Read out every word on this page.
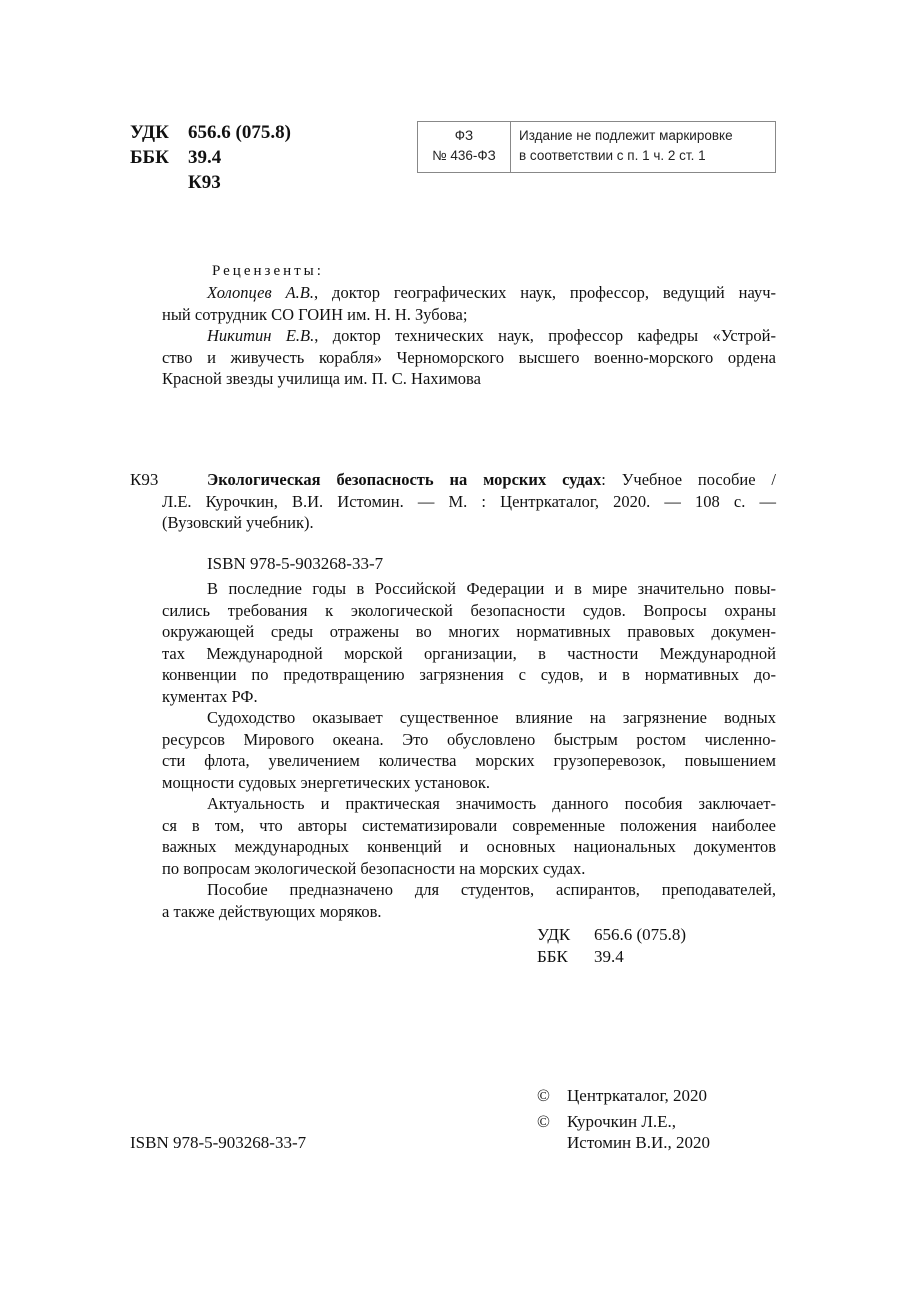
УДК 656.6 (075.8)
ББК 39.4
К93
ФЗ
№ 436-ФЗ
Издание не подлежит маркировке
в соответствии с п. 1 ч. 2 ст. 1
Рецензенты:
Холопцев А.В., доктор географических наук, профессор, ведущий науч-
ный сотрудник СО ГОИН им. Н. Н. Зубова;
Никитин Е.В., доктор технических наук, профессор кафедры «Устрой-
ство и живучесть корабля» Черноморского высшего военно-морского ордена
Красной звезды училища им. П. С. Нахимова
К93	Экологическая безопасность на морских судах: Учебное пособие /
Л.Е. Курочкин, В.И. Истомин. — М. : Центркаталог, 2020. — 108 с. —
(Вузовский учебник).
ISBN 978-5-903268-33-7
В последние годы в Российской Федерации и в мире значительно повы-
сились требования к экологической безопасности судов. Вопросы охраны
окружающей среды отражены во многих нормативных правовых докумен-
тах Международной морской организации, в частности Международной
конвенции по предотвращению загрязнения с судов, и в нормативных до-
кументах РФ.
Судоходство оказывает существенное влияние на загрязнение водных
ресурсов Мирового океана. Это обусловлено быстрым ростом численно-
сти флота, увеличением количества морских грузоперевозок, повышением
мощности судовых энергетических установок.
Актуальность и практическая значимость данного пособия заключает-
ся в том, что авторы систематизировали современные положения наиболее
важных международных конвенций и основных национальных документов
по вопросам экологической безопасности на морских судах.
Пособие предназначено для студентов, аспирантов, преподавателей,
а также действующих моряков.
УДК 656.6 (075.8)
ББК 39.4
© Центркаталог, 2020
© Курочкин Л.Е.,
Истомин В.И., 2020
ISBN 978-5-903268-33-7
